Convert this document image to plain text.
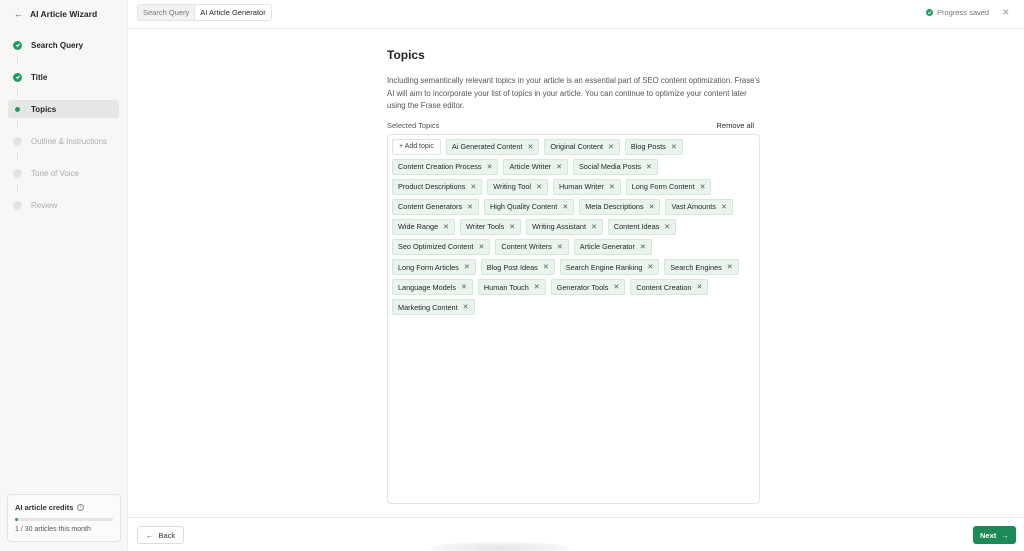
← AI Article Wizard
Search Query
Title
Topics
Outline & Instructions
Tone of Voice
Review
AI article credits	i
1 / 30 articles this month
Search Query	AI Article Generator	Progress saved ✕
Topics
Including semantically relevant topics in your article is an essential part of SEO content optimization. Frase's AI will aim to incorporate your list of topics in your article. You can continue to optimize your content later using the Frase editor.
Selected Topics	Remove all
+ Add topic	Ai Generated Content ✕ Original Content ✕ Blog Posts ✕
Content Creation Process ✕ Article Writer ✕ Social Media Posts ✕
Product Descriptions ✕ Writing Tool ✕ Human Writer ✕ Long Form Content ✕
Content Generators ✕ High Quality Content ✕ Meta Descriptions ✕ Vast Amounts ✕
Wide Range ✕ Writer Tools ✕ Writing Assistant ✕ Content Ideas ✕
Seo Optimized Content ✕ Content Writers ✕ Article Generator ✕
Long Form Articles ✕ Blog Post Ideas ✕ Search Engine Ranking ✕ Search Engines ✕
Language Models ✕ Human Touch ✕ Generator Tools ✕ Content Creation ✕
Marketing Content ✕
← Back	Next →
